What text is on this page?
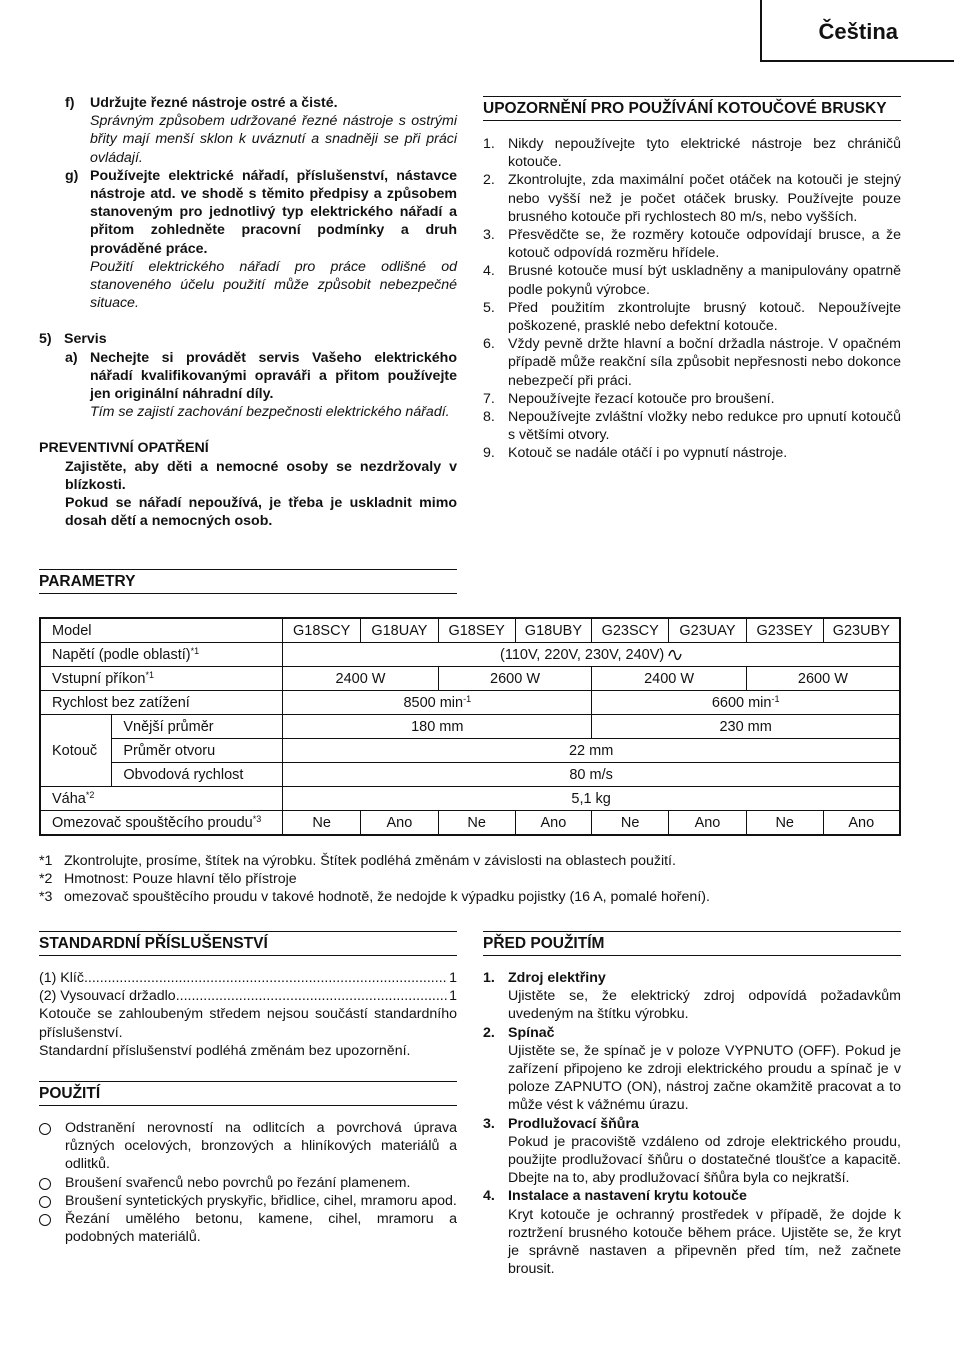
Čeština
f) Udržujte řezné nástroje ostré a čisté.
Správným způsobem udržované řezné nástroje s ostrými břity mají menší sklon k uváznutí a snadněji se při práci ovládají.
g) Používejte elektrické nářadí, příslušenství, nástavce nástroje atd. ve shodě s těmito předpisy a způsobem stanoveným pro jednotlivý typ elektrického nářadí a přitom zohledněte pracovní podmínky a druh prováděné práce.
Použití elektrického nářadí pro práce odlišné od stanoveného účelu použití může způsobit nebezpečné situace.
5) Servis
a) Nechejte si provádět servis Vašeho elektrického nářadí kvalifikovanými opraváři a přitom používejte jen originální náhradní díly.
Tím se zajistí zachování bezpečnosti elektrického nářadí.
PREVENTIVNÍ OPATŘENÍ
Zajistěte, aby děti a nemocné osoby se nezdržovaly v blízkosti.
Pokud se nářadí nepoužívá, je třeba je uskladnit mimo dosah dětí a nemocných osob.
UPOZORNĚNÍ PRO POUŽÍVÁNÍ KOTOUČOVÉ BRUSKY
1. Nikdy nepoužívejte tyto elektrické nástroje bez chráničů kotouče.
2. Zkontrolujte, zda maximální počet otáček na kotouči je stejný nebo vyšší než je počet otáček brusky. Používejte pouze brusného kotouče při rychlostech 80 m/s, nebo vyšších.
3. Přesvědčte se, že rozměry kotouče odpovídají brusce, a že kotouč odpovídá rozměru hřídele.
4. Brusné kotouče musí být uskladněny a manipulovány opatrně podle pokynů výrobce.
5. Před použitím zkontrolujte brusný kotouč. Nepoužívejte poškozené, prasklé nebo defektní kotouče.
6. Vždy pevně držte hlavní a boční držadla nástroje. V opačném případě může reakční síla způsobit nepřesnosti nebo dokonce nebezpečí při práci.
7. Nepoužívejte řezací kotouče pro broušení.
8. Nepoužívejte zvláštní vložky nebo redukce pro upnutí kotoučů s většími otvory.
9. Kotouč se nadále otáčí i po vypnutí nástroje.
PARAMETRY
Model		G18SCY	G18UAY	G18SEY	G18UBY	G23SCY	G23UAY	G23SEY	G23UBY
Napětí (podle oblastí)$^{*1}$		(110V, 220V, 230V, 240V)							
Vstupní příkon$^{*1}$		2400 W		2600 W		2400 W		2600 W	
Rychlost bez zatížení		8500 $\min^{-1}$				6600 $\min^{-1}$
Kotouč	Vnější průměr	180 mm				230 mm			
	Průměr otvoru	22 mm							
	Obvodová rychlost	80 m/s							
Váha$^{*2}$		5,1 kg							
Omezovač spouštěcího proudu$^{*3}$		Ne	Ano	Ne	Ano	Ne	Ano	Ne	Ano
*1 Zkontrolujte, prosíme, štítek na výrobku. Štítek podléhá změnám v závislosti na oblastech použití.
*2 Hmotnost: Pouze hlavní tělo přístroje
*3 omezovač spouštěcího proudu v takové hodnotě, že nedojde k výpadku pojistky (16 A, pomalé hoření).
STANDARDNÍ PŘÍSLUŠENSTVÍ
(1) Klíč .....	1
(2) Vysouvací držadlo .....	1
Kotouče se zahloubeným středem nejsou součástí standardního příslušenství.
Standardní příslušenství podléhá změnám bez upozornění.
POUŽITÍ
Odstranění nerovností na odlitcích a povrchová úprava různých ocelových, bronzových a hliníkových materiálů a odlitků.
Broušení svařenců nebo povrchů po řezání plamenem.
Broušení syntetických pryskyřic, břidlice, cihel, mramoru apod.
Řezání umělého betonu, kamene, cihel, mramoru a podobných materiálů.
PŘED POUŽITÍM
1. Zdroj elektřiny
Ujistěte se, že elektrický zdroj odpovídá požadavkům uvedeným na štítku výrobku.
2. Spínač
Ujistěte se, že spínač je v poloze VYPNUTO (OFF). Pokud je zařízení připojeno ke zdroji elektrického proudu a spínač je v poloze ZAPNUTO (ON), nástroj začne okamžitě pracovat a to může vést k vážnému úrazu.
3. Prodlužovací šňůra
Pokud je pracoviště vzdáleno od zdroje elektrického proudu, použijte prodlužovací šňůru o dostatečné tloušťce a kapacitě. Dbejte na to, aby prodlužovací šňůra byla co nejkratší.
4. Instalace a nastavení krytu kotouče
Kryt kotouče je ochranný prostředek v případě, že dojde k roztržení brusného kotouče během práce. Ujistěte se, že kryt je správně nastaven a připevněn před tím, než začnete brousit.
